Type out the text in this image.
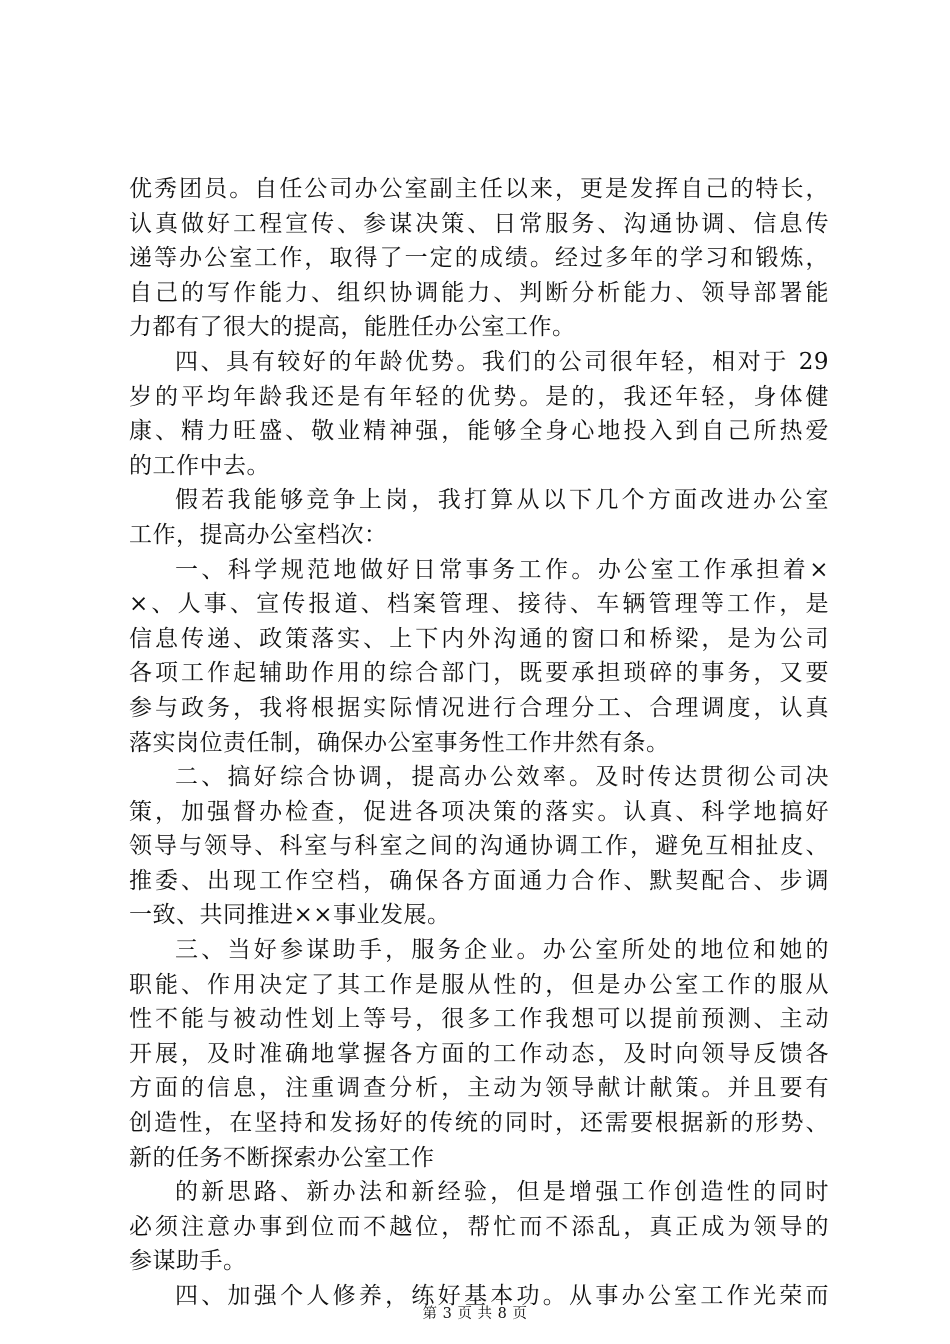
优秀团员。自任公司办公室副主任以来，更是发挥自己的特长，
认真做好工程宣传、参谋决策、日常服务、沟通协调、信息传
递等办公室工作，取得了一定的成绩。经过多年的学习和锻炼，
自己的写作能力、组织协调能力、判断分析能力、领导部署能
力都有了很大的提高，能胜任办公室工作。
四、具有较好的年龄优势。我们的公司很年轻，相对于 29
岁的平均年龄我还是有年轻的优势。是的，我还年轻，身体健
康、精力旺盛、敬业精神强，能够全身心地投入到自己所热爱
的工作中去。
假若我能够竞争上岗，我打算从以下几个方面改进办公室
工作，提高办公室档次：
一、科学规范地做好日常事务工作。办公室工作承担着×
×、人事、宣传报道、档案管理、接待、车辆管理等工作，是
信息传递、政策落实、上下内外沟通的窗口和桥梁，是为公司
各项工作起辅助作用的综合部门，既要承担琐碎的事务，又要
参与政务，我将根据实际情况进行合理分工、合理调度，认真
落实岗位责任制，确保办公室事务性工作井然有条。
二、搞好综合协调，提高办公效率。及时传达贯彻公司决
策，加强督办检查，促进各项决策的落实。认真、科学地搞好
领导与领导、科室与科室之间的沟通协调工作，避免互相扯皮、
推委、出现工作空档，确保各方面通力合作、默契配合、步调
一致、共同推进××事业发展。
三、当好参谋助手，服务企业。办公室所处的地位和她的
职能、作用决定了其工作是服从性的，但是办公室工作的服从
性不能与被动性划上等号，很多工作我想可以提前预测、主动
开展，及时准确地掌握各方面的工作动态，及时向领导反馈各
方面的信息，注重调查分析，主动为领导献计献策。并且要有
创造性，在坚持和发扬好的传统的同时，还需要根据新的形势、
新的任务不断探索办公室工作
的新思路、新办法和新经验，但是增强工作创造性的同时
必须注意办事到位而不越位，帮忙而不添乱，真正成为领导的
参谋助手。
四、加强个人修养，练好基本功。从事办公室工作光荣而
第 3 页 共 8 页
